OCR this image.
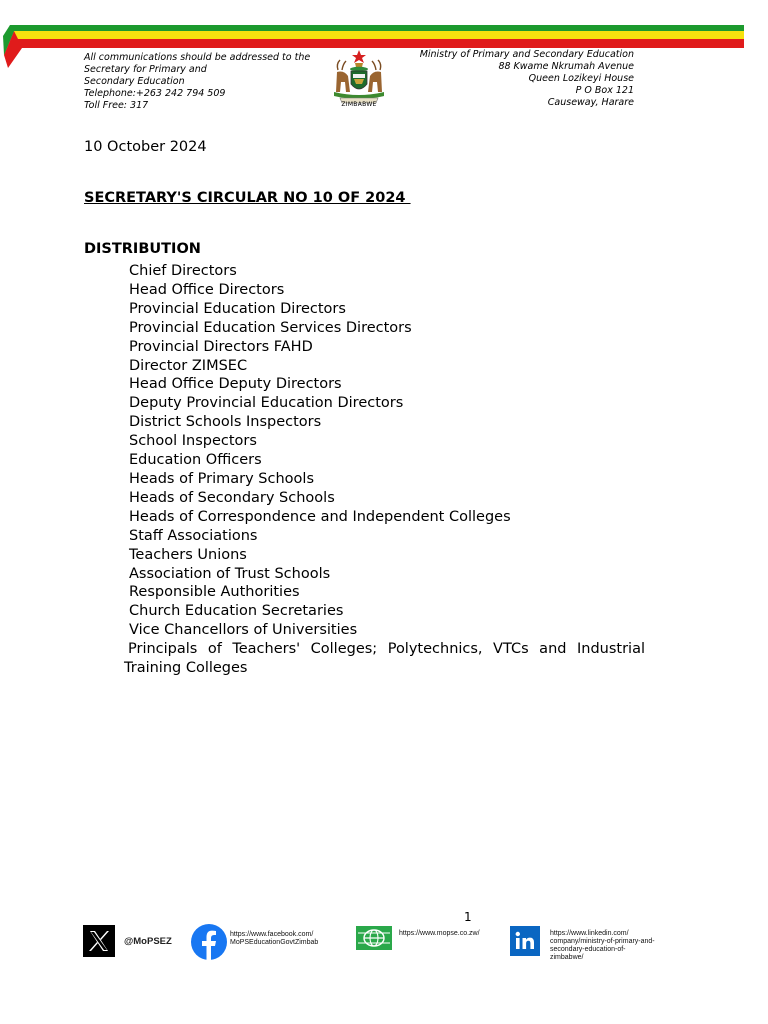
All communications should be addressed to the
Secretary for Primary and
Secondary Education
Telephone:+263 242 794 509
Toll Free: 317	ZIMBABWE
Ministry of Primary and Secondary Education
88 Kwame Nkrumah Avenue
Queen Lozikeyi House
P O Box 121
Causeway, Harare
10 October 2024
SECRETARY'S CIRCULAR NO 10 OF 2024
DISTRIBUTION
Chief Directors
Head Office Directors
Provincial Education Directors
Provincial Education Services Directors
Provincial Directors FAHD
Director ZIMSEC
Head Office Deputy Directors
Deputy Provincial Education Directors
District Schools Inspectors
School Inspectors
Education Officers
Heads of Primary Schools
Heads of Secondary Schools
Heads of Correspondence and Independent Colleges
Staff Associations
Teachers Unions
Association of Trust Schools
Responsible Authorities
Church Education Secretaries
Vice Chancellors of Universities
Principals of Teachers' Colleges; Polytechnics, VTCs and Industrial
Training Colleges
1
@MoPSEZ
https://www.facebook.com/
MoPSEducationGovtZimbab
https://www.mopse.co.zw/	https://www.linkedin.com/
company/ministry-of-primary-and-
secondary-education-of-
zimbabwe/
